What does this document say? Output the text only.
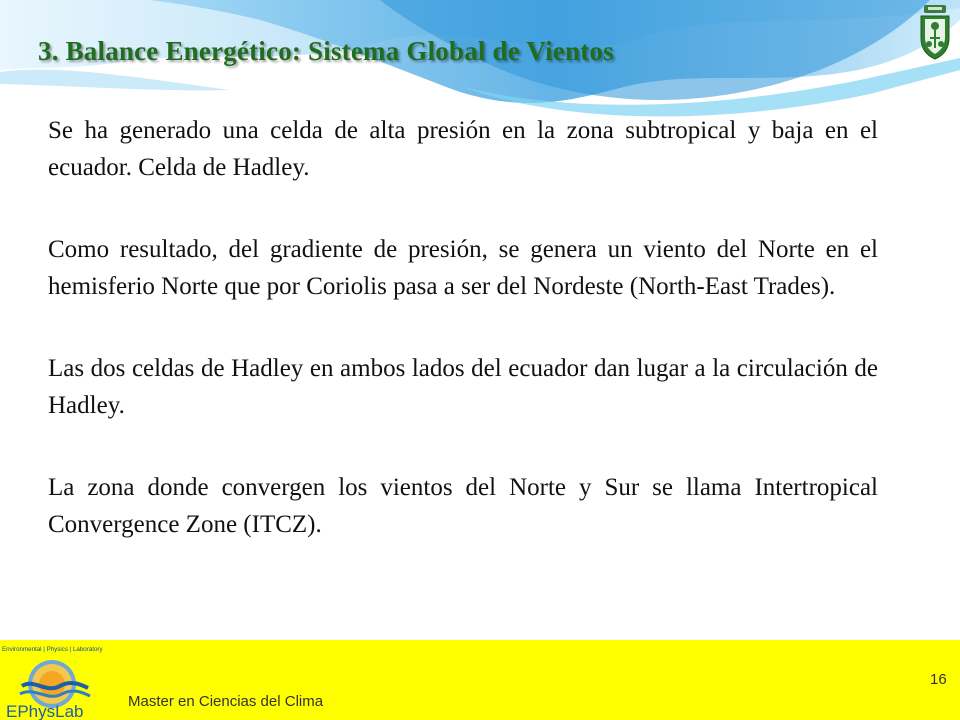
3. Balance Energético: Sistema Global de Vientos

Se ha generado una celda de alta presión en la zona subtropical y baja en el ecuador. Celda de Hadley.

Como resultado, del gradiente de presión, se genera un viento del Norte en el hemisferio Norte que por Coriolis pasa a ser del Nordeste (North-East Trades).

Las dos celdas de Hadley en ambos lados del ecuador dan lugar a la circulación de Hadley.

La zona donde convergen los vientos del Norte y Sur se llama Intertropical Convergence Zone (ITCZ).

Environmental | Physics | Laboratory
EPhysLab
Master en Ciencias del Clima
16
